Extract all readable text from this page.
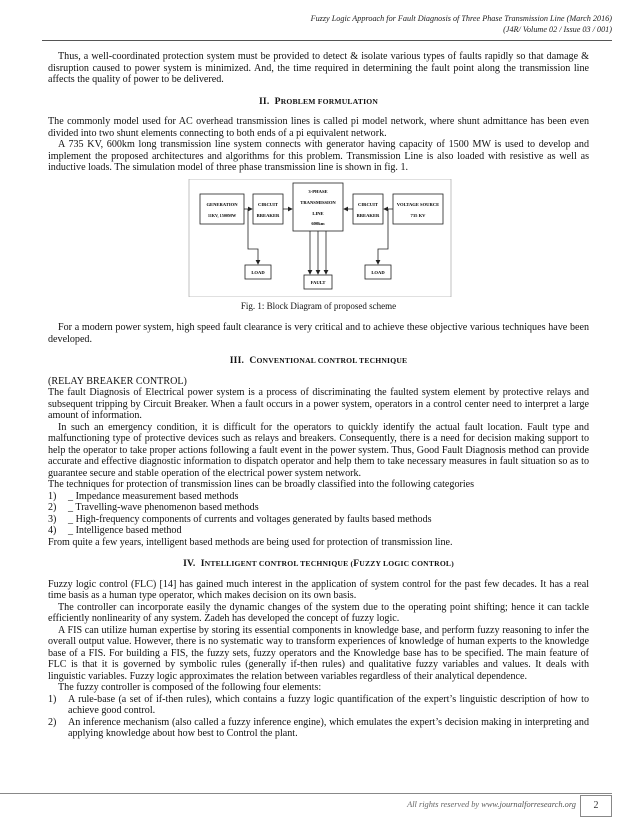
Fuzzy Logic Approach for Fault Diagnosis of Three Phase Transmission Line (March 2016)
(J4R/ Volume 02 / Issue 03 / 001)

Thus, a well-coordinated protection system must be provided to detect & isolate various types of faults rapidly so that damage & disruption caused to power system is minimized. And, the time required in determining the fault point along the transmission line affects the quality of power to be delivered.

II. PROBLEM FORMULATION

The commonly model used for AC overhead transmission lines is called pi model network, where shunt admittance has been even divided into two shunt elements connecting to both ends of a pi equivalent network.

A 735 KV, 600km long transmission line system connects with generator having capacity of 1500 MW is used to develop and implement the proposed architectures and algorithms for this problem. Transmission Line is also loaded with resistive as well as inductive loads. The simulation model of three phase transmission line is shown in fig. 1.

GENERATION
11KV, 1500MW
CIRCUIT
BREAKER
3-PHASE
TRANSMISSION
LINE
600km
CIRCUIT
BREAKER
VOLTAGE SOURCE
735 KV
LOAD
FAULT
LOAD
Fig. 1: Block Diagram of proposed scheme

For a modern power system, high speed fault clearance is very critical and to achieve these objective various techniques have been developed.

III. CONVENTIONAL CONTROL TECHNIQUE

(RELAY BREAKER CONTROL)

The fault Diagnosis of Electrical power system is a process of discriminating the faulted system element by protective relays and subsequent tripping by Circuit Breaker. When a fault occurs in a power system, operators in a control center need to interpret a large amount of information.

In such an emergency condition, it is difficult for the operators to quickly identify the actual fault location. Fault type and malfunctioning type of protective devices such as relays and breakers. Consequently, there is a need for decision making support to help the operator to take proper actions following a fault event in the power system. Thus, Good Fault Diagnosis method can provide accurate and effective diagnostic information to dispatch operator and help them to take necessary measures in fault situation so as to guarantee secure and stable operation of the electrical power system network.

The techniques for protection of transmission lines can be broadly classified into the following categories

1)	_ Impedance measurement based methods
2)	_ Travelling-wave phenomenon based methods
3)	_ High-frequency components of currents and voltages generated by faults based methods
4)	_ Intelligence based method

From quite a few years, intelligent based methods are being used for protection of transmission line.

IV. INTELLIGENT CONTROL TECHNIQUE (FUZZY LOGIC CONTROL)

Fuzzy logic control (FLC) [14] has gained much interest in the application of system control for the past few decades. It has a real time basis as a human type operator, which makes decision on its own basis.

The controller can incorporate easily the dynamic changes of the system due to the operating point shifting; hence it can tackle efficiently nonlinearity of any system. Zadeh has developed the concept of fuzzy logic.

A FIS can utilize human expertise by storing its essential components in knowledge base, and perform fuzzy reasoning to infer the overall output value. However, there is no systematic way to transform experiences of knowledge of human experts to the knowledge base of a FIS. For building a FIS, the fuzzy sets, fuzzy operators and the Knowledge base has to be specified. The main feature of FLC is that it is governed by symbolic rules (generally if-then rules) and qualitative fuzzy variables and values. It deals with linguistic variables. Fuzzy logic approximates the relation between variables regardless of their analytical dependence.

The fuzzy controller is composed of the following four elements:

1)	A rule-base (a set of if-then rules), which contains a fuzzy logic quantification of the expert’s linguistic description of how to achieve good control.
2)	An inference mechanism (also called a fuzzy inference engine), which emulates the expert’s decision making in interpreting and applying knowledge about how best to Control the plant.
All rights reserved by www.journalforresearch.org	2
